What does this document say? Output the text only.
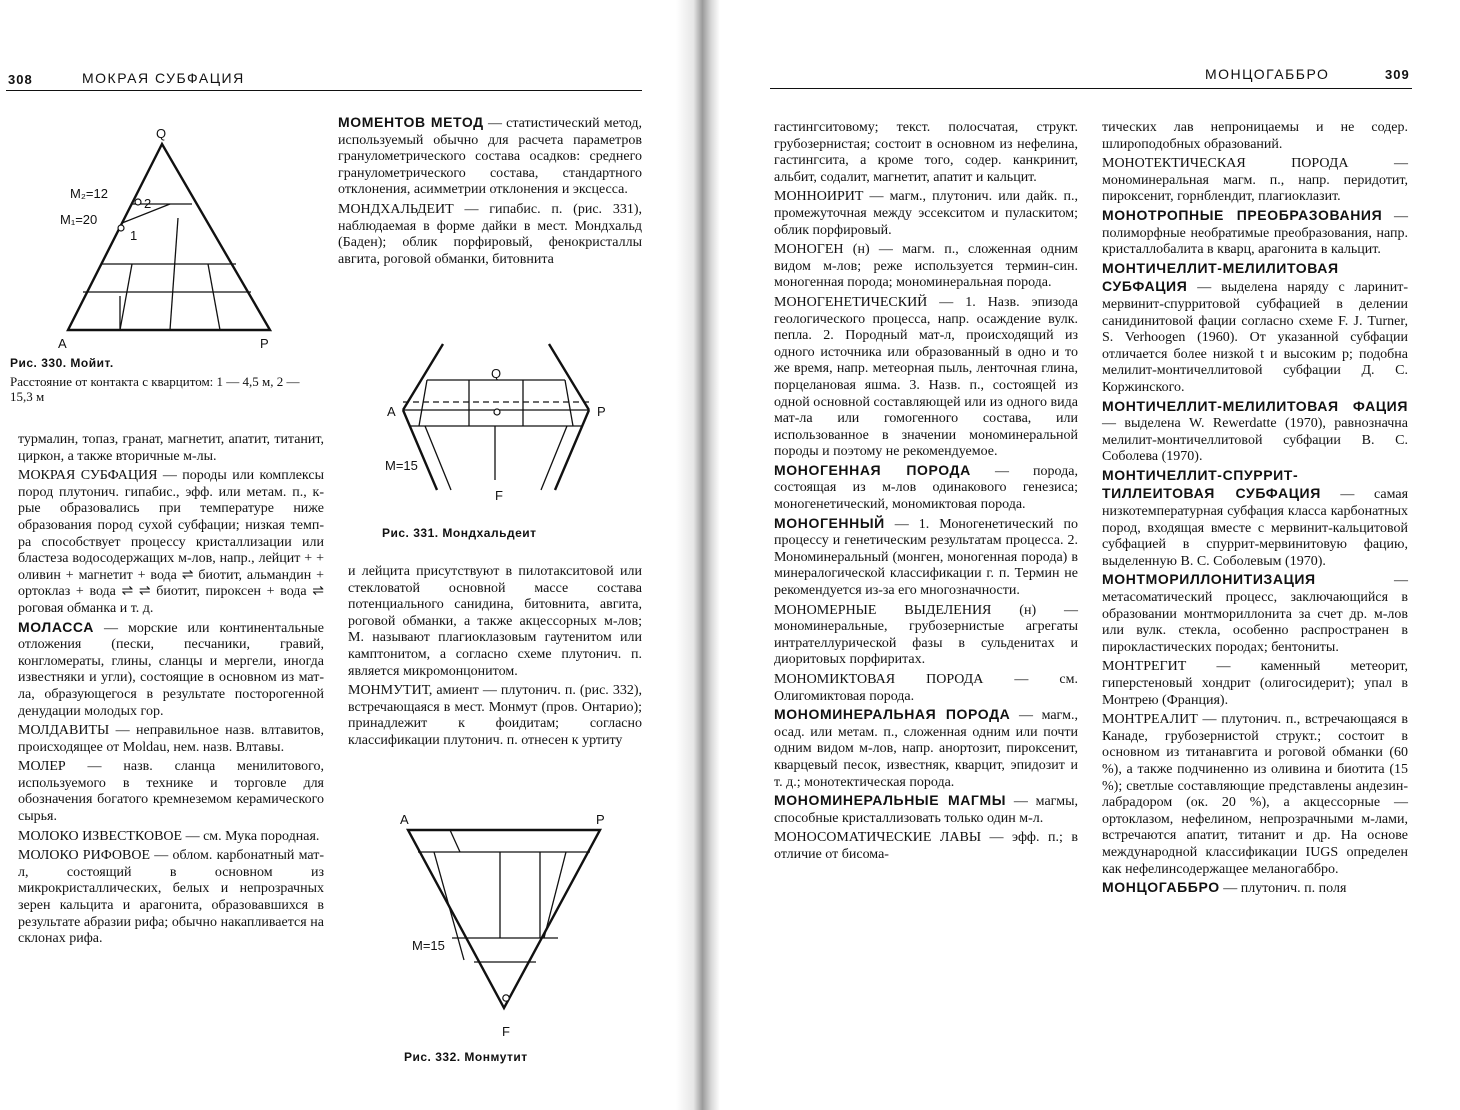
308	МОКРАЯ СУБФАЦИЯ	МОНЦОГАББРО	309
Q
M₂=12
M₁=20
2
1
A	P
Рис. 330. Мойит.
Расстояние от контакта с кварцитом: 1 — 4,5 м, 2 — 15,3 м
Q
A	P
M=15
F
Рис. 331. Мондхальдеит
A	P
M=15
F
Рис. 332. Монмутит
турмалин, топаз, гранат, магнетит, апатит, титанит, циркон, а также вторичные м-лы.
МОКРАЯ СУБФАЦИЯ — породы или комплексы пород плутонич. гипабис., эфф. или метам. п., к-рые образовались при температуре ниже образования пород сухой субфации; низкая темп-ра способствует процессу кристаллизации или бластеза водосодержащих м-лов, напр., лейцит + + оливин + магнетит + вода ⇌ биотит, альмандин + ортоклаз + вода ⇌ ⇌ биотит, пироксен + вода ⇌ роговая обманка и т. д.
МОЛАССА — морские или континентальные отложения (пески, песчаники, гравий, конгломераты, глины, сланцы и мергели, иногда известняки и угли), состоящие в основном из мат-ла, образующегося в результате посторогенной денудации молодых гор.
МОЛДАВИТЫ — неправильное назв. влтавитов, происходящее от Moldau, нем. назв. Влтавы.
МОЛЕР — назв. сланца менилитового, используемого в технике и торговле для обозначения богатого кремнеземом керамического сырья.
МОЛОКО ИЗВЕСТКОВОЕ — см. Мука породная.
МОЛОКО РИФОВОЕ — облом. карбонатный мат-л, состоящий в основном из микрокристаллических, белых и непрозрачных зерен кальцита и арагонита, образовавшихся в результате абразии рифа; обычно накапливается на склонах рифа.
МОМЕНТОВ МЕТОД — статистический метод, используемый обычно для расчета параметров гранулометрического состава осадков: среднего гранулометрического состава, стандартного отклонения, асимметрии отклонения и эксцесса.
МОНДХАЛЬДЕИТ — гипабис. п. (рис. 331), наблюдаемая в форме дайки в мест. Мондхальд (Баден); облик порфировый, фенокристаллы авгита, роговой обманки, битовнита
и лейцита присутствуют в пилотакситовой или стекловатой основной массе состава потенциального санидина, битовнита, авгита, роговой обманки, а также акцессорных м-лов; М. называют плагиоклазовым гаутенитом или камптонитом, а согласно схеме плутонич. п. является микромонцонитом.
МОНМУТИТ, амиент — плутонич. п. (рис. 332), встречающаяся в мест. Монмут (пров. Онтарио); принадлежит к фоидитам; согласно классификации плутонич. п. отнесен к уртиту
гастингситовому; текст. полосчатая, структ. грубозернистая; состоит в основном из нефелина, гастингсита, а кроме того, содер. канкринит, альбит, содалит, магнетит, апатит и кальцит.
МОННОИРИТ — магм., плутонич. или дайк. п., промежуточная между эссекситом и пуласкитом; облик порфировый.
МОНОГЕН (н) — магм. п., сложенная одним видом м-лов; реже используется термин-син. моногенная порода; мономинеральная порода.
МОНОГЕНЕТИЧЕСКИЙ — 1. Назв. эпизода геологического процесса, напр. осаждение вулк. пепла. 2. Породный мат-л, происходящий из одного источника или образованный в одно и то же время, напр. метеорная пыль, ленточная глина, порцелановая яшма. 3. Назв. п., состоящей из одной основной составляющей или из одного вида мат-ла или гомогенного состава, или использованное в значении мономинеральной породы и поэтому не рекомендуемое.
МОНОГЕННАЯ ПОРОДА — порода, состоящая из м-лов одинакового генезиса; моногенетический, мономиктовая порода.
МОНОГЕННЫЙ — 1. Моногенетический по процессу и генетическим результатам процесса. 2. Мономинеральный (монген, моногенная порода) в минералогической классификации г. п. Термин не рекомендуется из-за его многозначности.
МОНОМЕРНЫЕ ВЫДЕЛЕНИЯ (н) — мономинеральные, грубозернистые агрегаты интрателлурической фазы в сульденитах и диоритовых порфиритах.
МОНОМИКТОВАЯ ПОРОДА — см. Олигомиктовая порода.
МОНОМИНЕРАЛЬНАЯ ПОРОДА — магм., осад. или метам. п., сложенная одним или почти одним видом м-лов, напр. анортозит, пироксенит, кварцевый песок, известняк, кварцит, эпидозит и т. д.; монотектическая порода.
МОНОМИНЕРАЛЬНЫЕ МАГМЫ — магмы, способные кристаллизовать только один м-л.
МОНОСОМАТИЧЕСКИЕ ЛАВЫ — эфф. п.; в отличие от бисома-
тических лав непроницаемы и не содер. шлироподобных образований.
МОНОТЕКТИЧЕСКАЯ ПОРОДА — мономинеральная магм. п., напр. перидотит, пироксенит, горнблендит, плагиоклазит.
МОНОТРОПНЫЕ ПРЕОБРАЗОВАНИЯ — полиморфные необратимые преобразования, напр. кристаллобалита в кварц, арагонита в кальцит.
МОНТИЧЕЛЛИТ-МЕЛИЛИТОВАЯ СУБФАЦИЯ — выделена наряду с ларинит-мервинит-спурритовой субфацией в делении санидинитовой фации согласно схеме F. J. Turner, S. Verhoogen (1960). От указанной субфации отличается более низкой t и высоким p; подобна мелилит-монтичеллитовой субфации Д. С. Коржинского.
МОНТИЧЕЛЛИТ-МЕЛИЛИТОВАЯ ФАЦИЯ — выделена W. Rewerdatte (1970), равнозначна мелилит-монтичеллитовой субфации В. С. Соболева (1970).
МОНТИЧЕЛЛИТ-СПУРРИТ-ТИЛЛЕИТОВАЯ СУБФАЦИЯ — самая низкотемпературная субфация класса карбонатных пород, входящая вместе с мервинит-кальцитовой субфацией в спуррит-мервинитовую фацию, выделенную В. С. Соболевым (1970).
МОНТМОРИЛЛОНИТИЗАЦИЯ — метасоматический процесс, заключающийся в образовании монтмориллонита за счет др. м-лов или вулк. стекла, особенно распространен в пирокластических породах; бентониты.
МОНТРЕГИТ — каменный метеорит, гиперстеновый хондрит (олигосидерит); упал в Монтрею (Франция).
МОНТРЕАЛИТ — плутонич. п., встречающаяся в Канаде, грубозернистой структ.; состоит в основном из титанавгита и роговой обманки (60 %), а также подчиненно из оливина и биотита (15 %); светлые составляющие представлены андезин-лабрадором (ок. 20 %), а акцессорные — ортоклазом, нефелином, непрозрачными м-лами, встречаются апатит, титанит и др. На основе международной классификации IUGS определен как нефелинсодержащее меланогаббро.
МОНЦОГАББРО — плутонич. п. поля
